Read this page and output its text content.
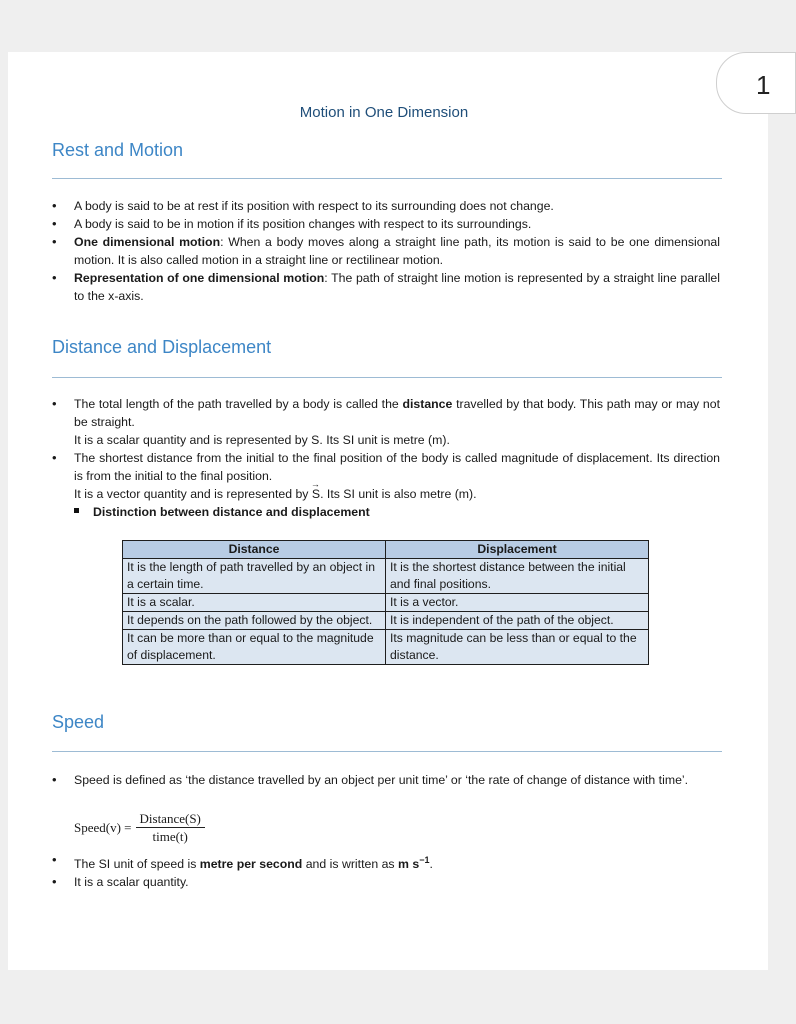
1
Motion in One Dimension
Rest and Motion
• A body is said to be at rest if its position with respect to its surrounding does not change.
• A body is said to be in motion if its position changes with respect to its surroundings.
• One dimensional motion: When a body moves along a straight line path, its motion is said to be one dimensional motion. It is also called motion in a straight line or rectilinear motion.
• Representation of one dimensional motion: The path of straight line motion is represented by a straight line parallel to the x-axis.
Distance and Displacement
• The total length of the path travelled by a body is called the distance travelled by that body. This path may or may not be straight.
It is a scalar quantity and is represented by S. Its SI unit is metre (m).
• The shortest distance from the initial to the final position of the body is called magnitude of displacement. Its direction is from the initial to the final position.
It is a vector quantity and is represented by → S. Its SI unit is also metre (m).
Distinction between distance and displacement
Distance	Displacement
It is the length of path travelled by an object in a certain time.	It is the shortest distance between the initial and final positions.
It is a scalar.	It is a vector.
It depends on the path followed by the object.	It is independent of the path of the object.
It can be more than or equal to the magnitude of displacement.	Its magnitude can be less than or equal to the distance.
Speed
• Speed is defined as ‘the distance travelled by an object per unit time’ or ‘the rate of change of distance with time’.
Speed(v) = $\frac{\text{Distance(S)}}{\text{time(t)}}$
• The SI unit of speed is metre per second and is written as m $s^{-1}$.
• It is a scalar quantity.
